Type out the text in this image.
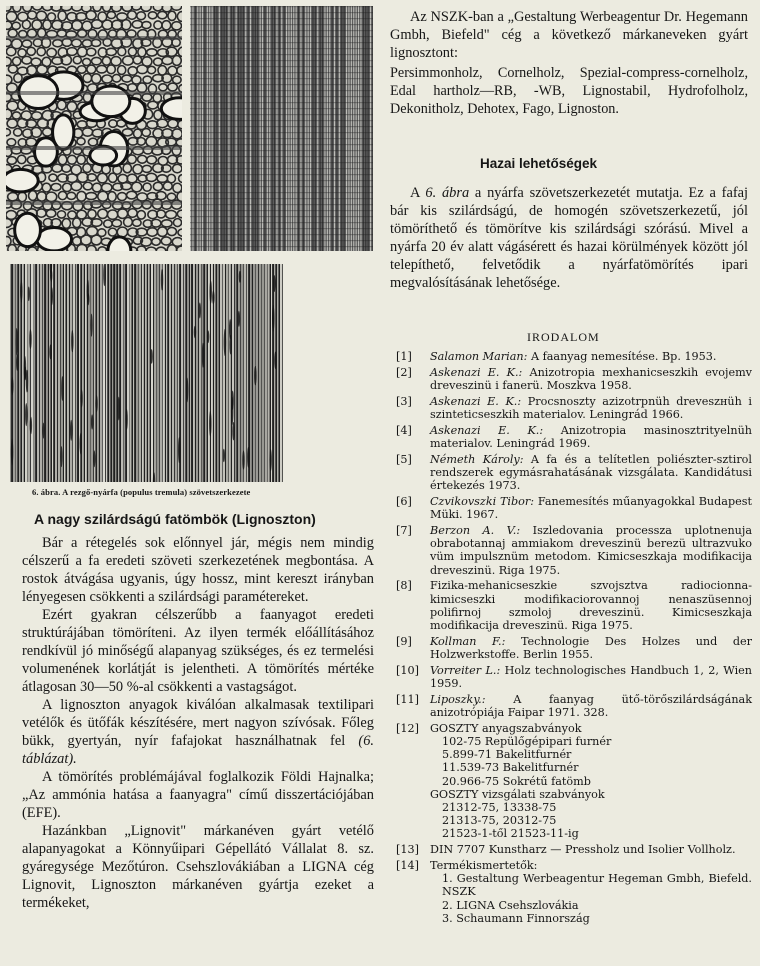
6. ábra. A rezgő-nyárfa (populus tremula) szövetszerkezete
A nagy szilárdságú fatömbök (Lignoszton)

Bár a rétegelés sok előnnyel jár, mégis nem mindig célszerű a fa eredeti szöveti szerkezetének megbontása. A rostok átvágása ugyanis, úgy hossz, mint kereszt irányban lényegesen csökkenti a szilárdsági paramétereket.

Ezért gyakran célszerűbb a faanyagot eredeti struktúrájában tömöríteni. Az ilyen termék előállításához rendkívül jó minőségű alapanyag szükséges, és ez termelési volumenének korlátját is jelentheti. A tömörítés mértéke átlagosan 30—50 %-al csökkenti a vastagságot.

A lignoszton anyagok kiválóan alkalmasak textilipari vetélők és ütőfák készítésére, mert nagyon szívósak. Főleg bükk, gyertyán, nyír fafajokat használhatnak fel (6. táblázat).

A tömörítés problémájával foglalkozik Földi Hajnalka; „Az ammónia hatása a faanyagra" című disszertációjában (EFE).

Hazánkban „Lignovit" márkanéven gyárt vetélő alapanyagokat a Könnyűipari Gépellátó Vállalat 8. sz. gyáregysége Mezőtúron. Csehszlovákiában a LIGNA cég Lignovit, Lignoszton márkanéven gyártja ezeket a termékeket,

Az NSZK-ban a „Gestaltung Werbeagentur Dr. Hegemann Gmbh, Biefeld" cég a következő márkaneveken gyárt lignosztont:

Persimmonholz, Cornelholz, Spezial-compress-cornelholz, Edal hartholz—RB, -WB, Lignostabil, Hydrofolholz, Dekonitholz, Dehotex, Fago, Lignoston.

Hazai lehetőségek

A 6. ábra a nyárfa szövetszerkezetét mutatja. Ez a fafaj bár kis szilárdságú, de homogén szövetszerkezetű, jól tömöríthető és tömörítve kis szilárdsági szórású. Mivel a nyárfa 20 év alatt vágásérett és hazai körülmények között jól telepíthető, felvetődik a nyárfatömörítés ipari megvalósításának lehetősége.

IRODALOM
[1]	Salamon Marian: A faanyag nemesítése. Bp. 1953.
[2]	Askenazi E. K.: Anizotropia mexhanicseszkih evojemv dreveszinü i fanerü. Moszkva 1958.
[3]	Askenazi E. K.: Procsnoszty azizotrpnüh dreveszнüh i szinteticseszkih materialov. Leningrád 1966.
[4]	Askenazi E. K.: Anizotropia masinosztrityelnüh materialov. Leningrád 1969.
[5]	Németh Károly: A fa és a telítetlen poliészter-sztirol rendszerek egymásrahatásának vizsgálata. Kandidátusi értekezés 1973.
[6]	Czvikovszki Tibor: Fanemesítés műanyagokkal Budapest Müki. 1967.
[7]	Berzon A. V.: Iszledovania processza uplotnenuja obrabotannaj ammiakom dreveszinü berezü ultrazvuko vüm impulsznüm metodom. Kimicseszkaja modifikacija dreveszinü. Riga 1975.
[8]	Fizika-mehanicseszkie szvojsztva radiocionna-kimicseszki modifikaciorovannoj nenaszüsennoj polifirnoj szmoloj dreveszinü. Kimicseszkaja modifikacija dreveszinü. Riga 1975.
[9]	Kollman F.: Technologie Des Holzes und der Holzwerkstoffe. Berlin 1955.
[10] Vorreiter L.: Holz technologisches Handbuch 1, 2, Wien 1959.
[11] Liposzky.: A faanyag ütő-törőszilárdságának anizotrópiája Faipar 1971. 328.
[12] GOSZTY anyagszabványok
102-75 Repülőgépipari furnér
5.899-71 Bakelitfurnér
11.539-73 Bakelitfurnér
20.966-75 Sokrétű fatömb
GOSZTY vizsgálati szabványok
21312-75, 13338-75
21313-75, 20312-75
21523-1-től 21523-11-ig
[13] DIN 7707 Kunstharz — Pressholz und Isolier Vollholz.
[14] Termékismertetők:
1. Gestaltung Werbeagentur Hegeman Gmbh, Biefeld. NSZK
2. LIGNA Csehszlovákia
3. Schaumann Finnország
